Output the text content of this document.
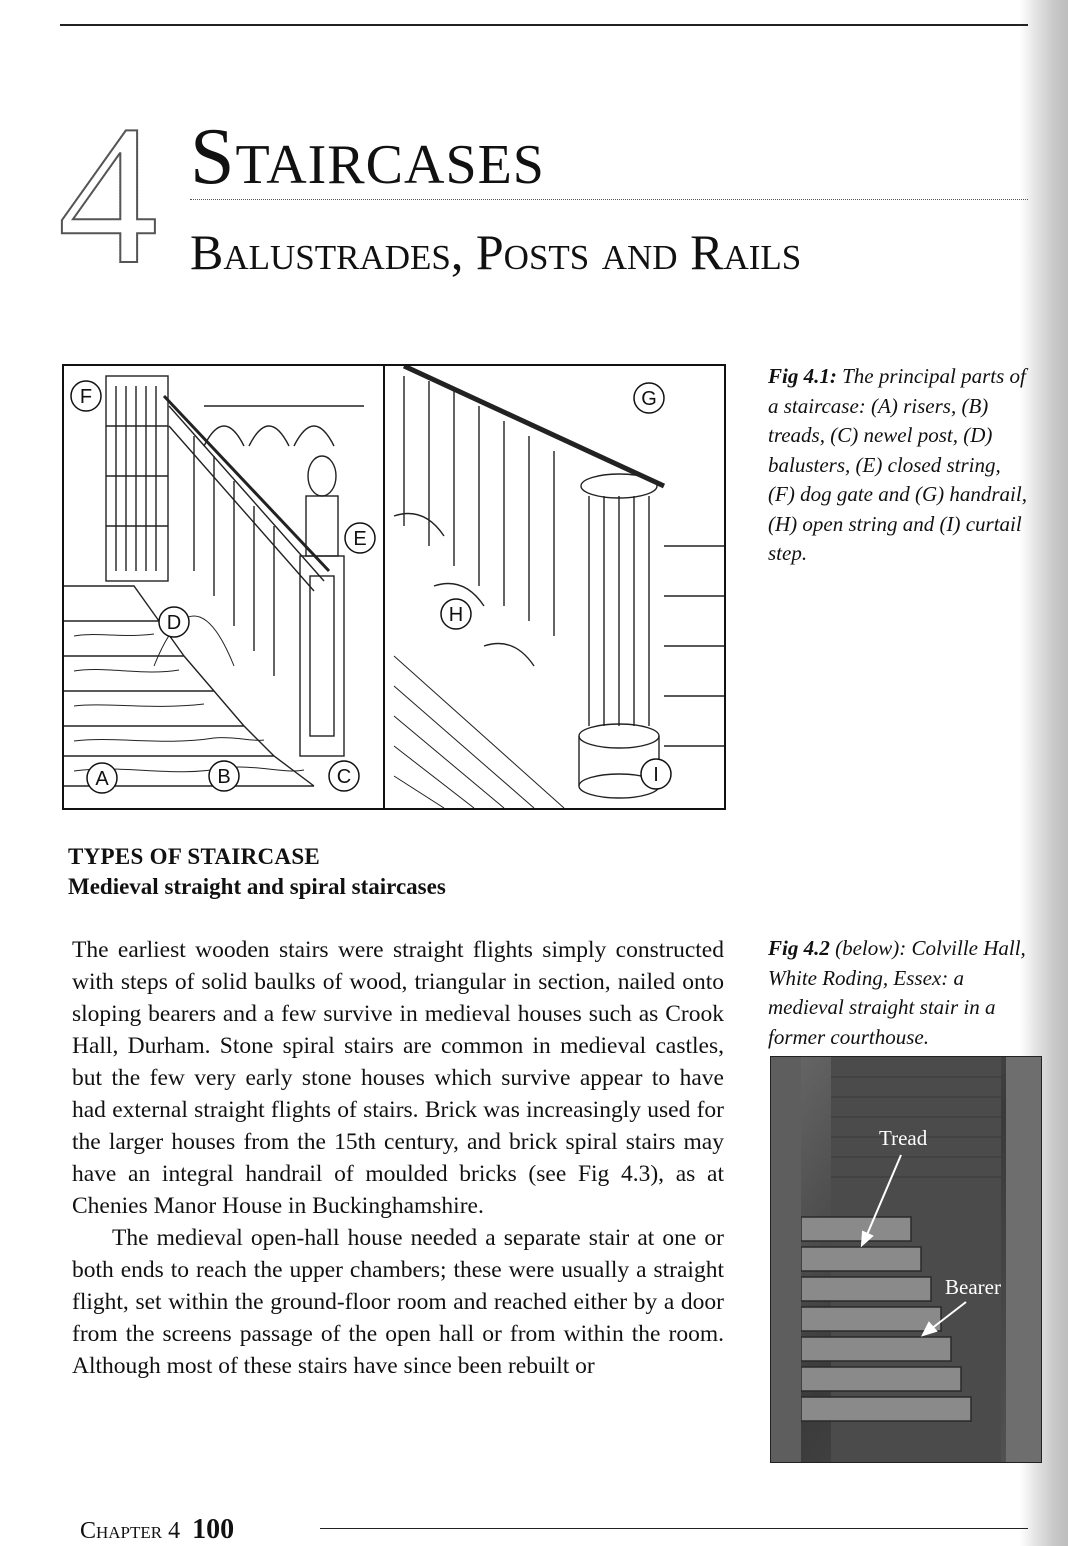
4 Staircases
Balustrades, Posts and Rails
F	G
E
D	H
A	B	C	I
Fig 4.1: The principal parts of a staircase: (A) risers, (B) treads, (C) newel post, (D) balusters, (E) closed string, (F) dog gate and (G) handrail, (H) open string and (I) curtail step.
TYPES OF STAIRCASE
Medieval straight and spiral staircases

The earliest wooden stairs were straight flights simply constructed with steps of solid baulks of wood, triangular in section, nailed onto sloping bearers and a few survive in medieval houses such as Crook Hall, Durham. Stone spiral stairs are common in medieval castles, but the few very early stone houses which survive appear to have had external straight flights of stairs. Brick was increasingly used for the larger houses from the 15th century, and brick spiral stairs may have an integral handrail of moulded bricks (see Fig 4.3), as at Chenies Manor House in Buckinghamshire.

The medieval open-hall house needed a separate stair at one or both ends to reach the upper chambers; these were usually a straight flight, set within the ground-floor room and reached either by a door from the screens passage of the open hall or from within the room. Although most of these stairs have since been rebuilt or

Fig 4.2 (below): Colville Hall, White Roding, Essex: a medieval straight stair in a former courthouse.
Tread
Bearer
Chapter 4 100
